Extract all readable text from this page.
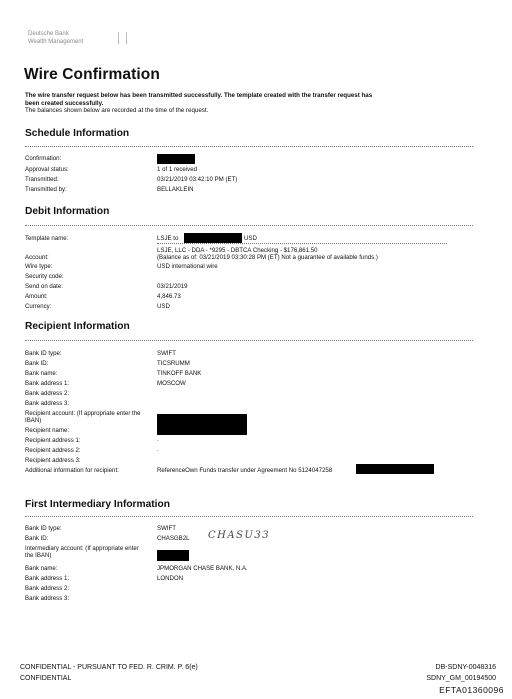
Deutsche Bank
Wealth Management
Wire Confirmation
The wire transfer request below has been transmitted successfully. The template created with the transfer request has
been created successfully.
The balances shown below are recorded at the time of the request.
Schedule Information
Confirmation:
Approval status:	1 of 1 received
Transmitted:	03/21/2019 03:42:10 PM (ET)
Transmitted by:	BELLAKLEIN
Debit Information
Template name:	LSJE to	USD
LSJE, LLC - DDA - *9295 - DBTCA Checking - $176,861.50
Account:	(Balance as of: 03/21/2019 03:30:28 PM (ET) Not a guarantee of available funds.)
Wire type:	USD international wire
Security code:
Send on date:	03/21/2019
Amount:	4,846.73
Currency:	USD
Recipient Information
Bank ID type:	SWIFT
Bank ID:	TICSRUMM
Bank name:	TINKOFF BANK
Bank address 1:	MOSCOW
Bank address 2:
Bank address 3:
Recipient account: (If appropriate enter the IBAN)
Recipient name:
Recipient address 1:	.
Recipient address 2:	.
Recipient address 3:
Additional information for recipient:	ReferenceOwn Funds transfer under Agreement No 5124047258
First Intermediary Information
Bank ID type:	SWIFT
Bank ID:	CHASGB2L CHASU33
Intermediary account: (If appropriate enter the IBAN)
Bank name:	JPMORGAN CHASE BANK, N.A.
Bank address 1:	LONDON
Bank address 2:
Bank address 3:
CONFIDENTIAL - PURSUANT TO FED. R. CRIM. P. 6(e)
CONFIDENTIAL
DB-SDNY-0048316
SDNY_GM_00194500
EFTA01360096
